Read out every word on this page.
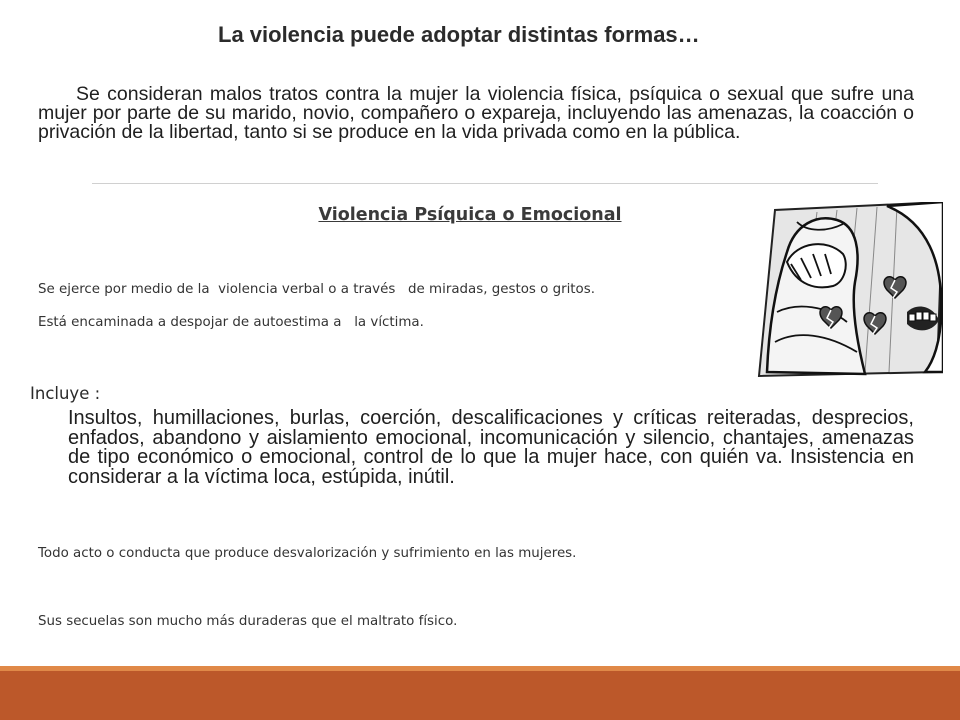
La violencia puede adoptar distintas formas…

Se consideran malos tratos contra la mujer la violencia física, psíquica o sexual que sufre una mujer por parte de su marido, novio, compañero o expareja, incluyendo las amenazas, la coacción o privación de la libertad, tanto si se produce en la vida privada como en la pública.

Violencia Psíquica o Emocional

Se ejerce por medio de la  violencia verbal o a través   de miradas, gestos o gritos.

Está encaminada a despojar de autoestima a   la víctima.

Incluye :

Insultos, humillaciones, burlas, coerción, descalificaciones y críticas reiteradas, desprecios, enfados, abandono y aislamiento emocional, incomunicación y silencio, chantajes, amenazas de tipo económico o emocional, control de lo que la mujer hace, con quién va. Insistencia en considerar a la víctima loca, estúpida, inútil.

Todo acto o conducta que produce desvalorización y sufrimiento en las mujeres.

Sus secuelas son mucho más duraderas que el maltrato físico.
